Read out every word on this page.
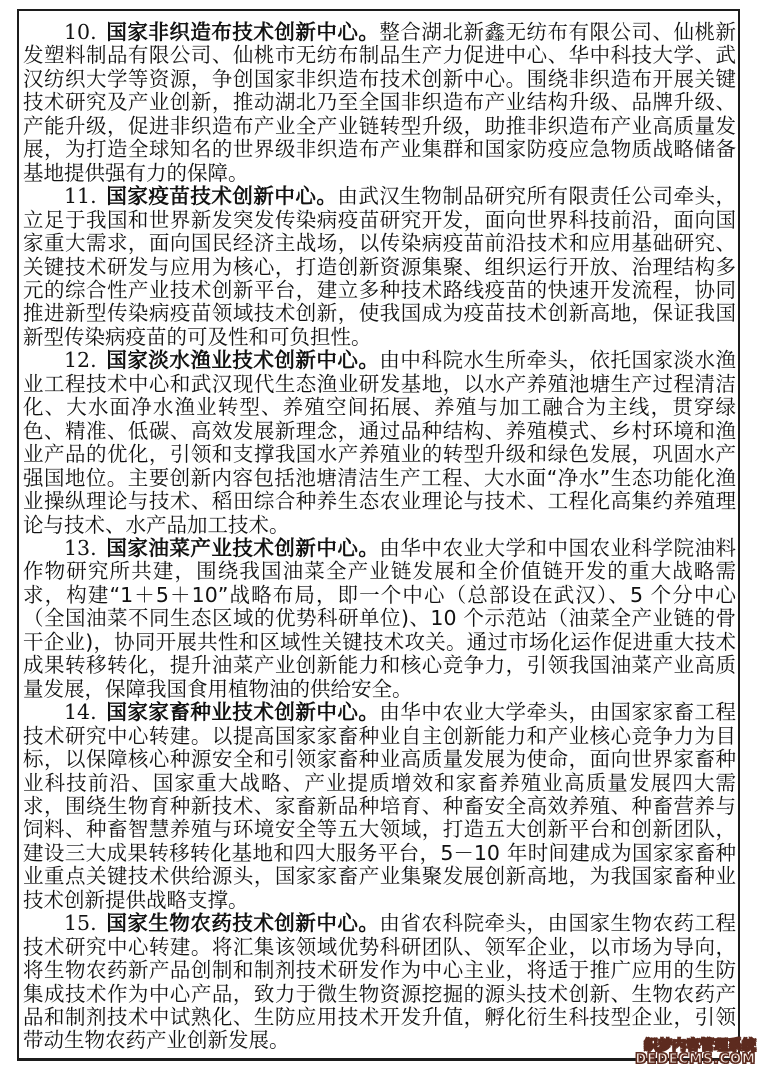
10. 国家非织造布技术创新中心。整合湖北新鑫无纺布有限公司、仙桃新发塑料制品有限公司、仙桃市无纺布制品生产力促进中心、华中科技大学、武汉纺织大学等资源，争创国家非织造布技术创新中心。围绕非织造布开展关键技术研究及产业创新，推动湖北乃至全国非织造布产业结构升级、品牌升级、产能升级，促进非织造布产业全产业链转型升级，助推非织造布产业高质量发展，为打造全球知名的世界级非织造布产业集群和国家防疫应急物质战略储备基地提供强有力的保障。

11. 国家疫苗技术创新中心。由武汉生物制品研究所有限责任公司牵头，立足于我国和世界新发突发传染病疫苗研究开发，面向世界科技前沿，面向国家重大需求，面向国民经济主战场，以传染病疫苗前沿技术和应用基础研究、关键技术研发与应用为核心，打造创新资源集聚、组织运行开放、治理结构多元的综合性产业技术创新平台，建立多种技术路线疫苗的快速开发流程，协同推进新型传染病疫苗领域技术创新，使我国成为疫苗技术创新高地，保证我国新型传染病疫苗的可及性和可负担性。

12. 国家淡水渔业技术创新中心。由中科院水生所牵头，依托国家淡水渔业工程技术中心和武汉现代生态渔业研发基地，以水产养殖池塘生产过程清洁化、大水面净水渔业转型、养殖空间拓展、养殖与加工融合为主线，贯穿绿色、精准、低碳、高效发展新理念，通过品种结构、养殖模式、乡村环境和渔业产品的优化，引领和支撑我国水产养殖业的转型升级和绿色发展，巩固水产强国地位。主要创新内容包括池塘清洁生产工程、大水面“净水”生态功能化渔业操纵理论与技术、稻田综合种养生态农业理论与技术、工程化高集约养殖理论与技术、水产品加工技术。

13. 国家油菜产业技术创新中心。由华中农业大学和中国农业科学院油料作物研究所共建，围绕我国油菜全产业链发展和全价值链开发的重大战略需求，构建“1＋5＋10”战略布局，即一个中心（总部设在武汉）、5 个分中心（全国油菜不同生态区域的优势科研单位)、10 个示范站（油菜全产业链的骨干企业)，协同开展共性和区域性关键技术攻关。通过市场化运作促进重大技术成果转移转化，提升油菜产业创新能力和核心竞争力，引领我国油菜产业高质量发展，保障我国食用植物油的供给安全。

14. 国家家畜种业技术创新中心。由华中农业大学牵头，由国家家畜工程技术研究中心转建。以提高国家家畜种业自主创新能力和产业核心竞争力为目标，以保障核心种源安全和引领家畜种业高质量发展为使命，面向世界家畜种业科技前沿、国家重大战略、产业提质增效和家畜养殖业高质量发展四大需求，围绕生物育种新技术、家畜新品种培育、种畜安全高效养殖、种畜营养与饲料、种畜智慧养殖与环境安全等五大领域，打造五大创新平台和创新团队，建设三大成果转移转化基地和四大服务平台，5－10 年时间建成为国家家畜种业重点关键技术供给源头，国家家畜产业集聚发展创新高地，为我国家畜种业技术创新提供战略支撑。

15. 国家生物农药技术创新中心。由省农科院牵头，由国家生物农药工程技术研究中心转建。将汇集该领域优势科研团队、领军企业，以市场为导向，将生物农药新产品创制和制剂技术研发作为中心主业，将适于推广应用的生防集成技术作为中心产品，致力于微生物资源挖掘的源头技术创新、生物农药产品和制剂技术中试熟化、生防应用技术开发升值，孵化衍生科技型企业，引领带动生物农药产业创新发展。	织梦内容管理系统
DEDECMS.COM
